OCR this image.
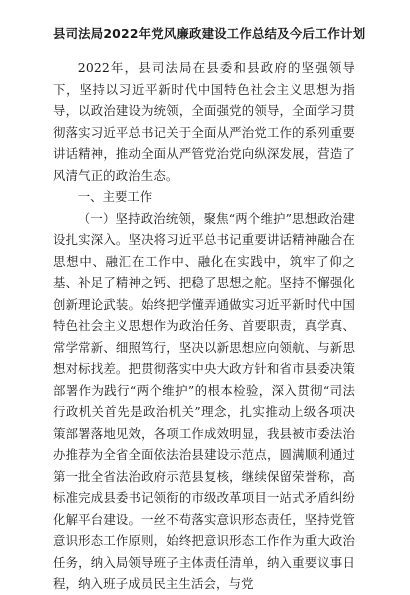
县司法局2022年党风廉政建设工作总结及今后工作计划

2022年，县司法局在县委和县政府的坚强领导下，坚持以习近平新时代中国特色社会主义思想为指导，以政治建设为统领，全面强党的领导，全面学习贯彻落实习近平总书记关于全面从严治党工作的系列重要讲话精神，推动全面从严管党治党向纵深发展，营造了风清气正的政治生态。

一、主要工作

（一）坚持政治统领，聚焦“两个维护”思想政治建设扎实深入。坚决将习近平总书记重要讲话精神融合在思想中、融汇在工作中、融化在实践中，筑牢了仰之基、补足了精神之钙、把稳了思想之舵。坚持不懈强化创新理论武装。始终把学懂弄通做实习近平新时代中国特色社会主义思想作为政治任务、首要职责，真学真、常学常新、细照笃行，坚决以新思想应向领航、与新思想对标找差。把贯彻落实中央大政方针和省市县委决策部署作为践行“两个维护”的根本检验，深入贯彻“司法行政机关首先是政治机关”理念，扎实推动上级各项决策部署落地见效，各项工作成效明显，我县被市委法治办推荐为全省全面依法治县建设示范点，圆满顺利通过第一批全省法治政府示范县复核，继续保留荣誉称，高标准完成县委书记领衔的市级改革项目一站式矛盾纠纷化解平台建设。一丝不苟落实意识形态责任，坚持党管意识形态工作原则，始终把意识形态工作作为重大政治任务，纳入局领导班子主体责任清单，纳入重要议事日程，纳入班子成员民主生活会，与党
